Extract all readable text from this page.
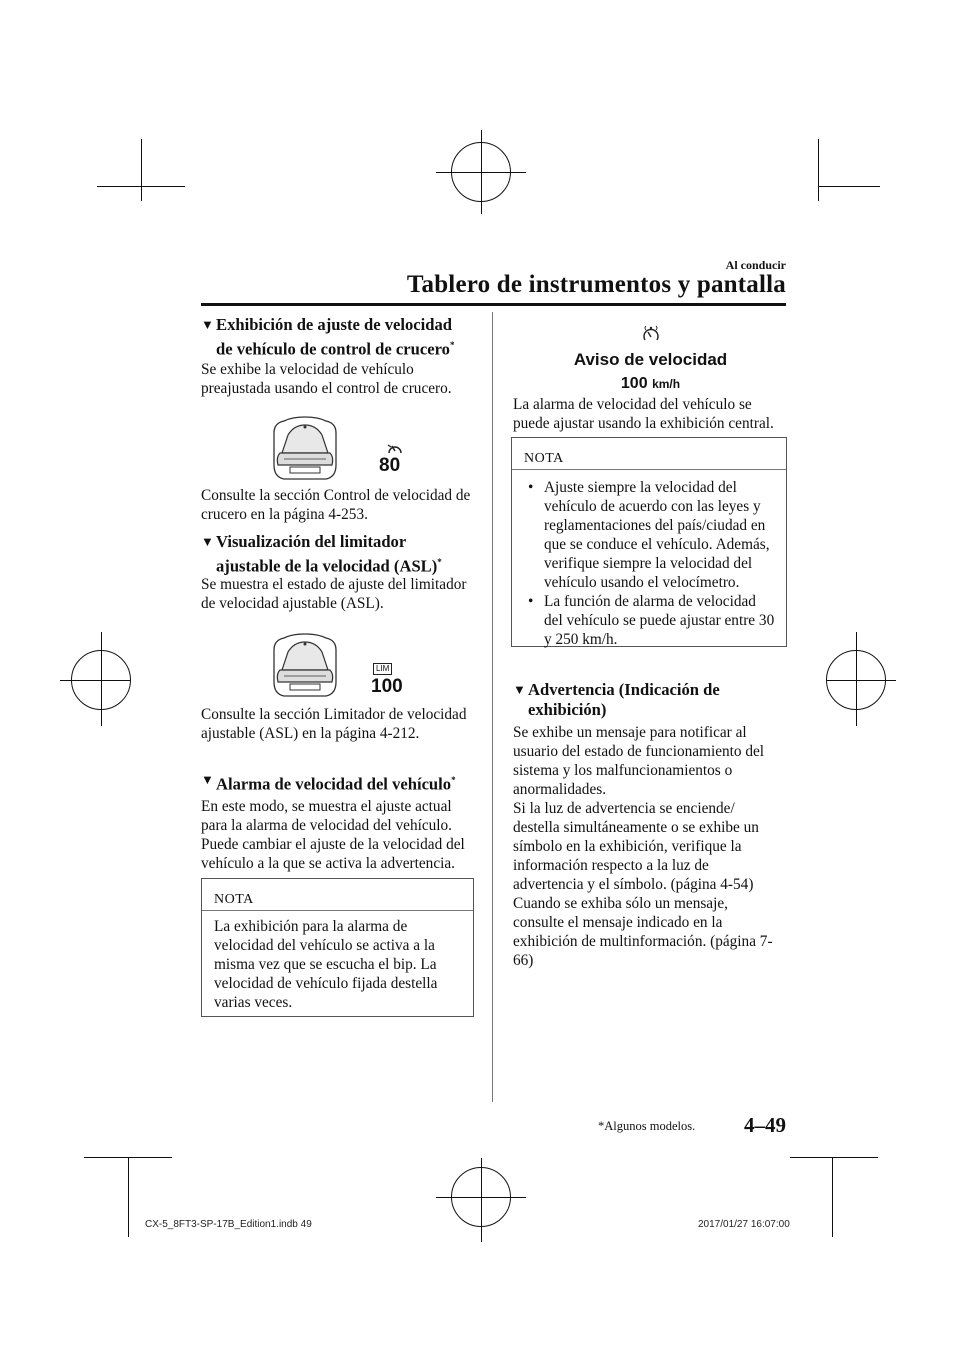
Al conducir
Tablero de instrumentos y pantalla
▼ Exhibición de ajuste de velocidad
de vehículo de control de crucero*
Se exhibe la velocidad de vehículo preajustada usando el control de crucero.
80
Consulte la sección Control de velocidad de crucero en la página 4-253.
▼ Visualización del limitador
ajustable de la velocidad (ASL)*
Se muestra el estado de ajuste del limitador de velocidad ajustable (ASL).
LIM
100
Consulte la sección Limitador de velocidad ajustable (ASL) en la página 4-212.
▼ Alarma de velocidad del vehículo*
En este modo, se muestra el ajuste actual para la alarma de velocidad del vehículo. Puede cambiar el ajuste de la velocidad del vehículo a la que se activa la advertencia.
NOTA
La exhibición para la alarma de velocidad del vehículo se activa a la misma vez que se escucha el bip. La velocidad de vehículo fijada destella varias veces.
Aviso de velocidad
100 km/h
La alarma de velocidad del vehículo se puede ajustar usando la exhibición central.
NOTA
• Ajuste siempre la velocidad del vehículo de acuerdo con las leyes y reglamentaciones del país/ciudad en que se conduce el vehículo. Además, verifique siempre la velocidad del vehículo usando el velocímetro.
• La función de alarma de velocidad del vehículo se puede ajustar entre 30 y 250 km/h.
▼ Advertencia (Indicación de
exhibición)
Se exhibe un mensaje para notificar al usuario del estado de funcionamiento del sistema y los malfuncionamientos o anormalidades.
Si la luz de advertencia se enciende/ destella simultáneamente o se exhibe un símbolo en la exhibición, verifique la información respecto a la luz de advertencia y el símbolo. (página 4-54)
Cuando se exhiba sólo un mensaje, consulte el mensaje indicado en la exhibición de multinformación. (página 7-66)
*Algunos modelos. 4–49
CX-5_8FT3-SP-17B_Edition1.indb 49	2017/01/27 16:07:00
